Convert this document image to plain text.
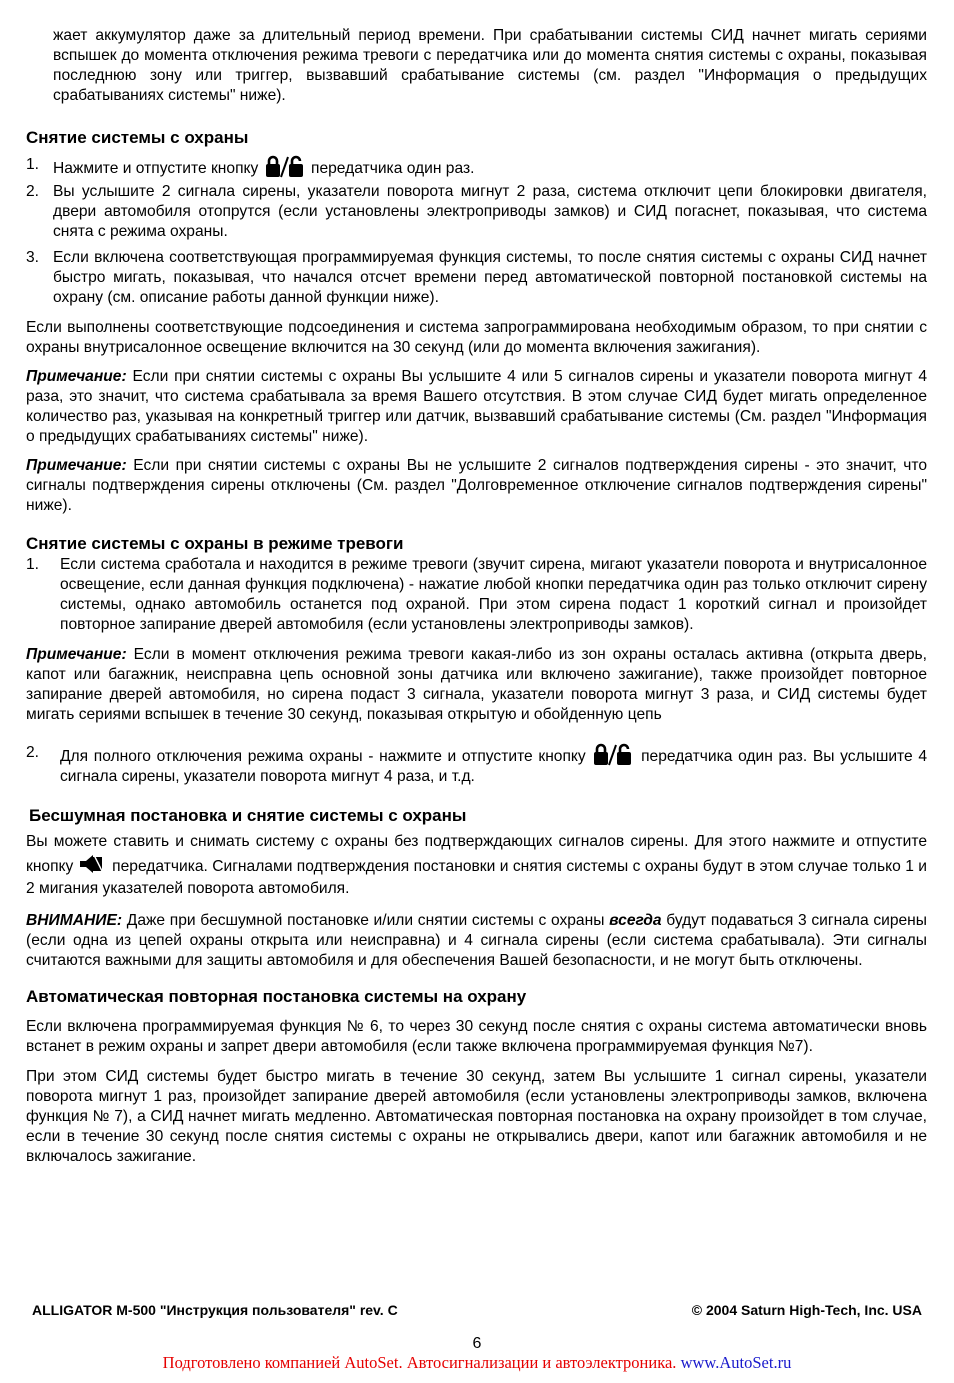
жает аккумулятор даже за длительный период времени. При срабатывании системы СИД начнет мигать сериями вспышек до момента отключения режима тревоги с передатчика или до момента снятия системы с охраны, показывая последнюю зону или триггер, вызвавший срабатывание системы (см. раздел "Информация о предыдущих срабатываниях системы" ниже).

Снятие системы с охраны
1. Нажмите и отпустите кнопку	передатчика один раз.
2. Вы услышите 2 сигнала сирены, указатели поворота мигнут 2 раза, система отключит цепи блокировки двигателя, двери автомобиля отопрутся (если установлены электроприводы замков) и СИД погаснет, показывая, что система снята с режима охраны.
3. Если включена соответствующая программируемая функция системы, то после снятия системы с охраны СИД начнет быстро мигать, показывая, что начался отсчет времени перед автоматической повторной постановкой системы на охрану (см. описание работы данной функции ниже).

Если выполнены соответствующие подсоединения и система запрограммирована необходимым образом, то при снятии с охраны внутрисалонное освещение включится на 30 секунд (или до момента включения зажигания).

Примечание: Если при снятии системы с охраны Вы услышите 4 или 5 сигналов сирены и указатели поворота мигнут 4 раза, это значит, что система срабатывала за время Вашего отсутствия. В этом случае СИД будет мигать определенное количество раз, указывая на конкретный триггер или датчик, вызвавший срабатывание системы (См. раздел "Информация о предыдущих срабатываниях системы" ниже).

Примечание: Если при снятии системы с охраны Вы не услышите 2 сигналов подтверждения сирены - это значит, что сигналы подтверждения сирены отключены (См. раздел "Долговременное отключение сигналов подтверждения сирены" ниже).

Снятие системы с охраны в режиме тревоги
1.	Если система сработала и находится в режиме тревоги (звучит сирена, мигают указатели поворота и внутрисалонное освещение, если данная функция подключена) - нажатие любой кнопки передатчика один раз только отключит сирену системы, однако автомобиль останется под охраной. При этом сирена подаст 1 короткий сигнал и произойдет повторное запирание дверей автомобиля (если установлены электроприводы замков).

Примечание: Если в момент отключения режима тревоги какая-либо из зон охраны осталась активна (открыта дверь, капот или багажник, неисправна цепь основной зоны датчика или включено зажигание), также произойдет повторное запирание дверей автомобиля, но сирена подаст 3 сигнала, указатели поворота мигнут 3 раза, и СИД системы будет мигать сериями вспышек в течение 30 секунд, показывая открытую и обойденную цепь

2.	Для полного отключения режима охраны - нажмите и отпустите кнопку	передатчика один раз. Вы услышите 4 сигнала сирены, указатели поворота мигнут 4 раза, и т.д.
Бесшумная постановка и снятие системы с охраны

Вы можете ставить и снимать систему с охраны без подтверждающих сигналов сирены. Для этого нажмите и отпустите кнопку передатчика. Сигналами подтверждения постановки и снятия системы с охраны будут в этом случае только 1 и 2 мигания указателей поворота автомобиля.

ВНИМАНИЕ: Даже при бесшумной постановке и/или снятии системы с охраны всегда будут подаваться 3 сигнала сирены (если одна из цепей охраны открыта или неисправна) и 4 сигнала сирены (если система срабатывала). Эти сигналы считаются важными для защиты автомобиля и для обеспечения Вашей безопасности, и не могут быть отключены.

Автоматическая повторная постановка системы на охрану

Если включена программируемая функция № 6, то через 30 секунд после снятия с охраны система автоматически вновь встанет в режим охраны и запрет двери автомобиля (если также включена программируемая функция №7).

При этом СИД системы будет быстро мигать в течение 30 секунд, затем Вы услышите 1 сигнал сирены, указатели поворота мигнут 1 раз, произойдет запирание дверей автомобиля (если установлены электроприводы замков, включена функция № 7), а СИД начнет мигать медленно. Автоматическая повторная постановка на охрану произойдет в том случае, если в течение 30 секунд после снятия системы с охраны не открывались двери, капот или багажник автомобиля и не включалось зажигание.

ALLIGATOR M-500 "Инструкция пользователя" rev. C	© 2004 Saturn High-Tech, Inc. USA
6
Подготовлено компанией AutoSet. Автосигнализации и автоэлектроника. www.AutoSet.ru
